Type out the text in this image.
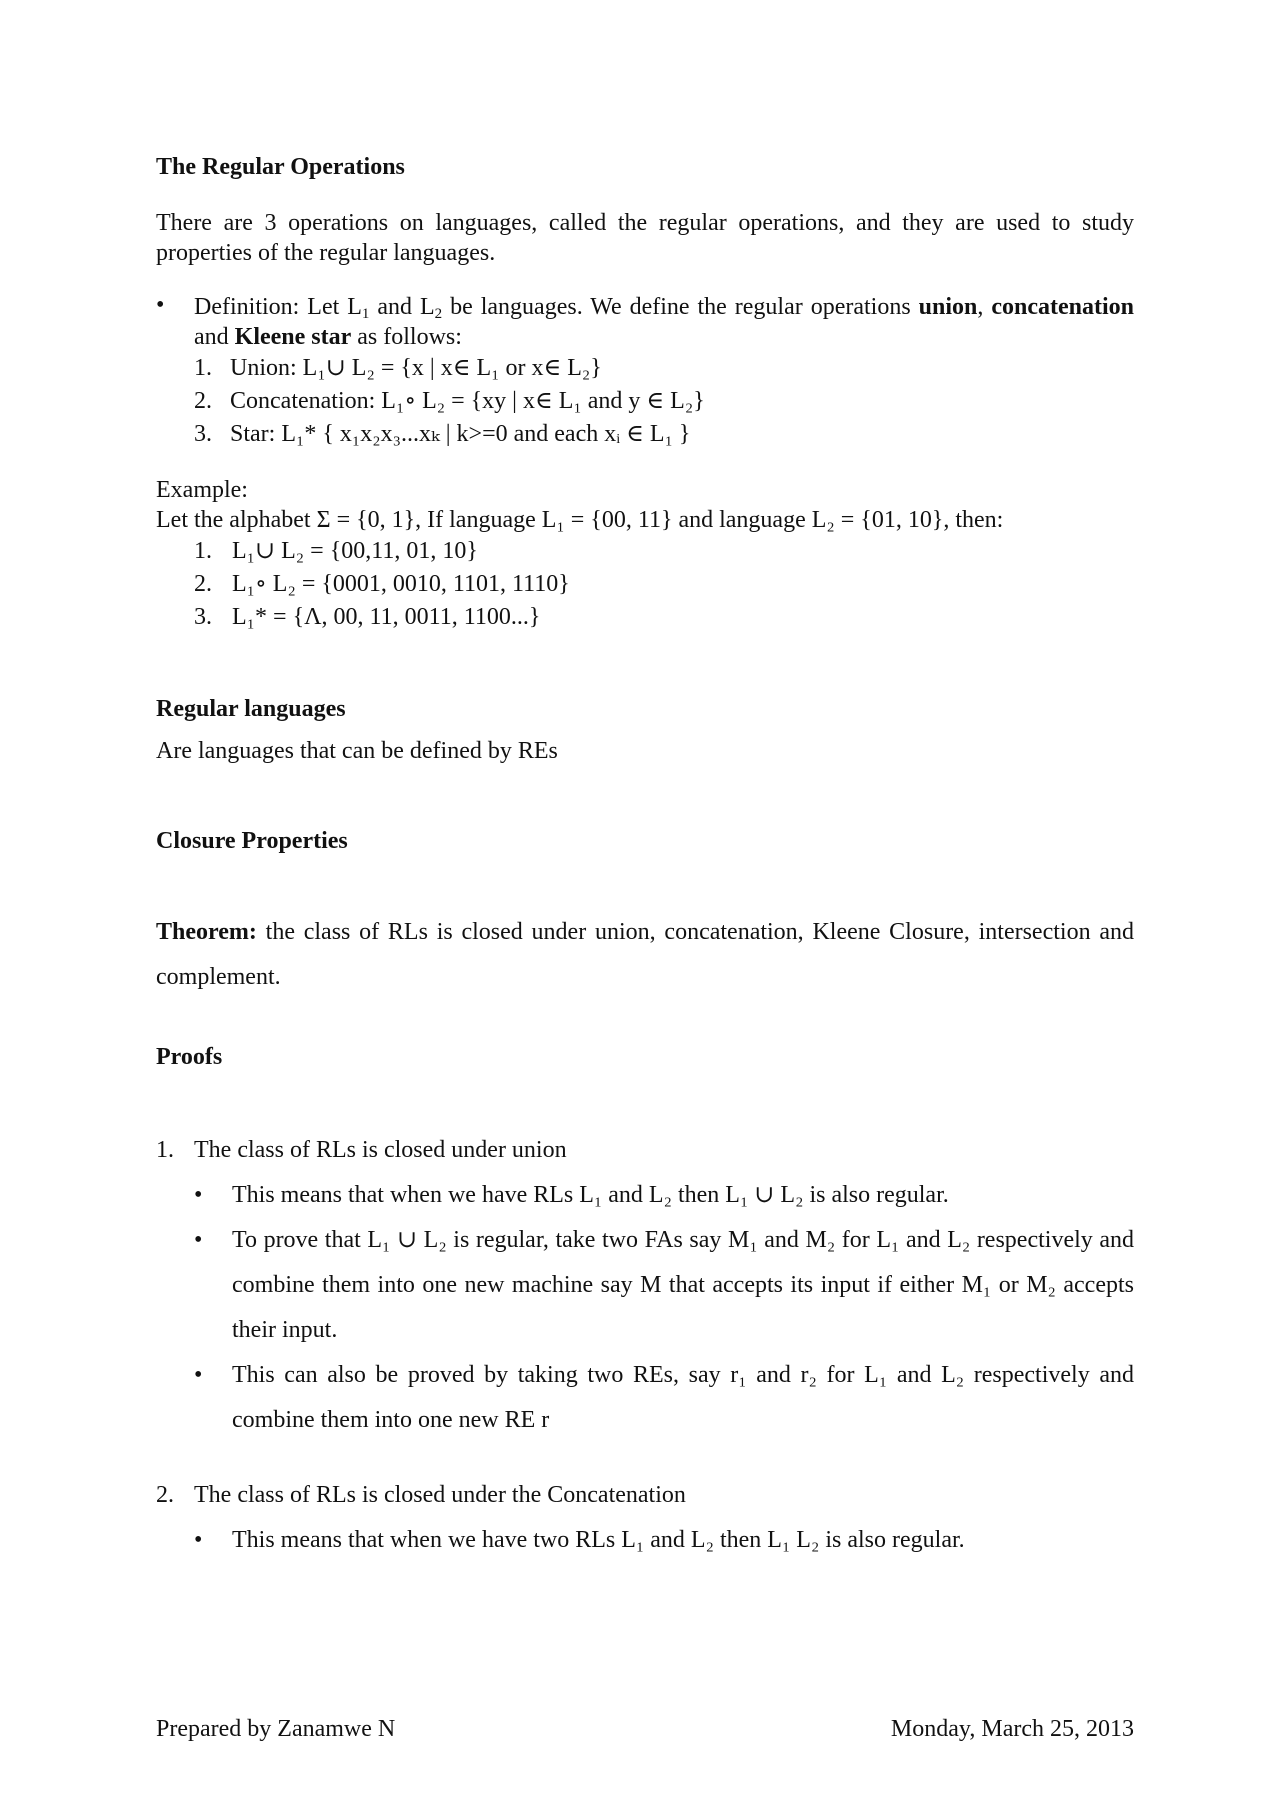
The Regular Operations

There are 3 operations on languages, called the regular operations, and they are used to study properties of the regular languages.

• Definition: Let $L_1$ and $L_2$ be languages. We define the regular operations union, concatenation and Kleene star as follows:

1. Union: L₁∪ L₂ = {x | x∈ L₁ or x∈ L₂}
2. Concatenation: L₁∘ L₂ = {xy | x∈ L₁ and y ∈ L₂}
3. Star: L₁* { x₁x₂x₃...xₖ | k>=0 and each xᵢ ∈ L₁ }

Example:

Let the alphabet Σ = {0, 1}, If language L₁ = {00, 11} and language L₂ = {01, 10}, then:

1. L₁∪ L₂ = {00,11, 01, 10}
2. L₁∘ L₂ = {0001, 0010, 1101, 1110}
3. L₁* = {Λ, 00, 11, 0011, 1100...}

Regular languages

Are languages that can be defined by REs

Closure Properties

Theorem: the class of RLs is closed under union, concatenation, Kleene Closure, intersection and complement.

Proofs

1. The class of RLs is closed under union
• This means that when we have RLs L₁ and L₂ then L₁ ∪ L₂ is also regular.
• To prove that L₁ ∪ L₂ is regular, take two FAs say M₁ and M₂ for L₁ and L₂ respectively and combine them into one new machine say M that accepts its input if either M₁ or M₂ accepts their input.
• This can also be proved by taking two REs, say r₁ and r₂ for L₁ and L₂ respectively and combine them into one new RE r
2. The class of RLs is closed under the Concatenation
• This means that when we have two RLs L₁ and L₂ then L₁ L₂ is also regular.
Prepared by Zanamwe N	Monday, March 25, 2013
